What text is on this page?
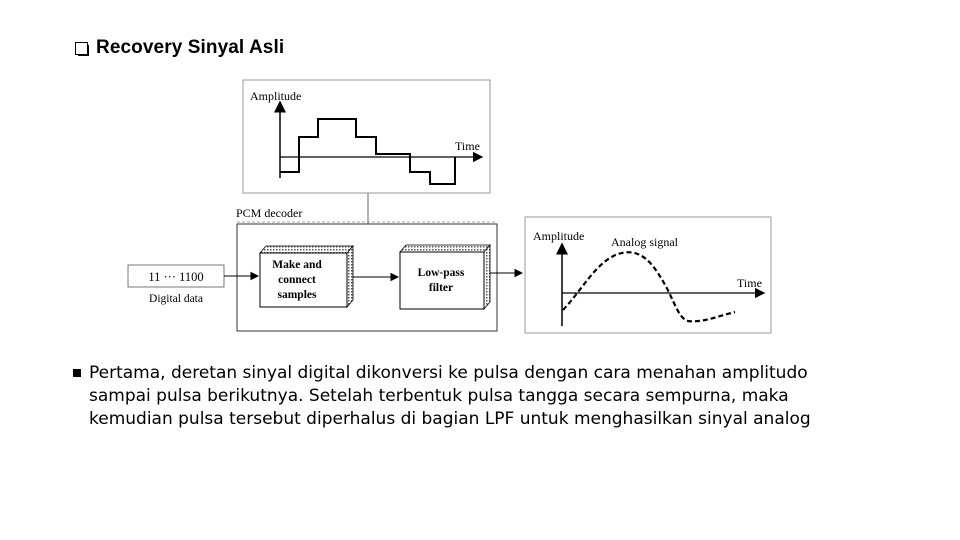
Recovery Sinyal Asli
Amplitude
Time
PCM decoder
Make and
connect
samples
Low-pass
filter
11 ··· 1100
Digital data
Amplitude
Time
Analog signal

Pertama, deretan sinyal digital dikonversi ke pulsa dengan cara menahan amplitudo sampai pulsa berikutnya. Setelah terbentuk pulsa tangga secara sempurna, maka kemudian pulsa tersebut diperhalus di bagian LPF untuk menghasilkan sinyal analog
